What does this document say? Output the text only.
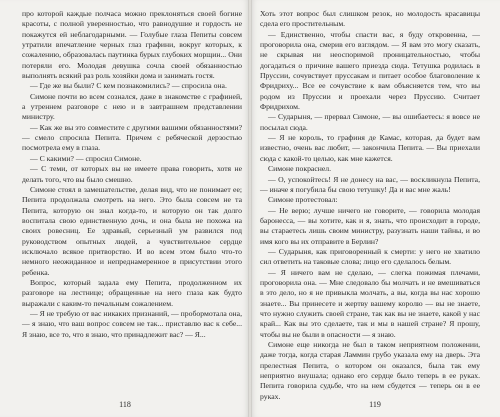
про которой каждые полчаса можно преклоняться своей богине красоты, с полной уверенностью, что равнодушие и гордость не покажутся ей неблагодарными. — Голубые глаза Пепиты совсем утратили впечатление черных глаз графини, вокруг которых, к сожалению, образовалась паутинка бурых глубоких морщин... Они потеряли его. Молодая девушка сочла своей обязанностью выполнять всякий раз роль хозяйки дома и занимать гостя.

— Где же вы были? С кем познакомились? — спросила она.

Симоне почти во всем сознался, даже в знакомстве с графиней, а утреннем разговоре с нею и в завтрашнем представлении министру.

— Как же вы это совместите с другими вашими обязанностями? — смело спросила Пепита. Причем с ребяческой дерзостью посмотрела ему в глаза.

— С какими? — спросил Симоне.

— С теми, от которых вы не имеете права говорить, хотя не делать того, что вы было смешно.

Симоне стоял в замешательстве, делая вид, что не понимает ее; Пепита продолжала смотреть на него. Это была совсем не та Пепита, которую он знал когда-то, и которую он так долго воспитала свою единственную дочь, и она была не похожа на своих ровесниц. Ее здравый, серьезный ум развился под руководством опытных людей, а чувствительное сердце исключало всякое притворство. И во всем этом было что-то немного неожиданное и непреднамеренное в присутствии этого ребенка.

Вопрос, который задала ему Пепита, продолженном их разговоре на лестнице; обращенные на него глаза как будто выражали с каким-то печальным сожалением.

— Я не требую от вас никаких признаний, — пробормотала она, — я знаю, что ваш вопрос совсем не так... приставлю вас к себе... Я знаю, все то, что я знаю, что принадлежит вас? — Я...

118

Хоть этот вопрос был слишком резок, но молодость красавицы сдела его простительным.

— Единственно, чтобы спасти вас, я буду откровенна, — проговорила она, смерив его взглядом. — Я вам это могу сказать, не скрывая ни неоспоримой проницательностью, чтобы догадаться о причине вашего приезда сюда. Тетушка родилась в Пруссии, сочувствует пруссакам и питает особое благоволение к Фридриху... Все ее сочувствие к вам объясняется тем, что вы родом из Пруссии и проехали через Пруссию. Считает Фридрихом.

— Сударыня, — прервал Симоне, — вы ошибаетесь: я вовсе не посылал сюда.

— Я не король, то графиня де Камас, которая, да будет вам известно, очень вас любит, — закончила Пепита. — Вы приехали сюда с какой-то целью, как мне кажется.

Симоне покраснел.

— О, успокойтесь! Я не донесу на вас, — воскликнула Пепита, — иначе я погубила бы свою тетушку! Да и вас мне жаль!

Симоне протестовал:

— Не верю; лучше ничего не говорите, — говорила молодая баронесса, — вы хотите, как и я, знать, что происходит в городе, вы стараетесь лишь своим министру, разузнать наши тайны, и во имя кого вы их отправите в Берлин?

— Сударыня, как приговоренный к смерти: у него не хватило сил ответить на таковые слова; лицо его сделалось белым.

— Я ничего вам не сделаю, — слегка пожимая плечами, проговорила она. — Мне следовало бы молчать и не вмешиваться в это дело, но я не привыкла молчать, а вы, когда вы нас хорошо знаете... Вы принесете и жертву вашему королю — вы не знаете, что нужно служить своей стране, так как вы не знаете, какой у нас край... Как вы это сделаете, так и мы в нашей стране? Я прошу, чтобы вы не были в опасности — я знаю.

Симоне еще никогда не был в таком неприятном положении, даже тогда, когда старая Ламмин грубо указала ему на дверь. Эта прелестная Пепита, о котором он оказался, была так ему неприятно внушала; однако его сердце было теперь в ее руках. Пепита говорила судьбе, что на нем сбудется — теперь он в ее руках.

119
